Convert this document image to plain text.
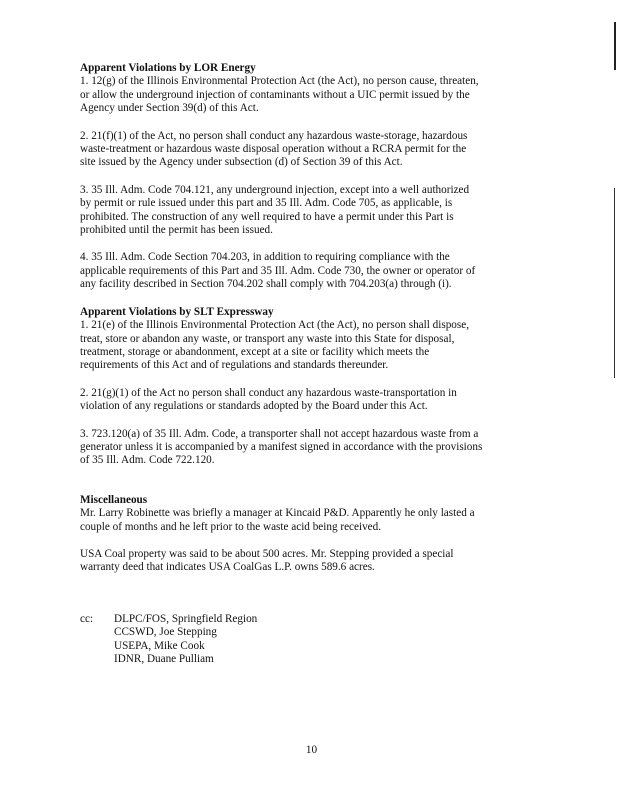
Apparent Violations by LOR Energy

1. 12(g) of the Illinois Environmental Protection Act (the Act), no person cause, threaten,
or allow the underground injection of contaminants without a UIC permit issued by the
Agency under Section 39(d) of this Act.

2. 21(f)(1) of the Act, no person shall conduct any hazardous waste-storage, hazardous
waste-treatment or hazardous waste disposal operation without a RCRA permit for the
site issued by the Agency under subsection (d) of Section 39 of this Act.

3. 35 Ill. Adm. Code 704.121, any underground injection, except into a well authorized
by permit or rule issued under this part and 35 Ill. Adm. Code 705, as applicable, is
prohibited. The construction of any well required to have a permit under this Part is
prohibited until the permit has been issued.

4. 35 Ill. Adm. Code Section 704.203, in addition to requiring compliance with the
applicable requirements of this Part and 35 Ill. Adm. Code 730, the owner or operator of
any facility described in Section 704.202 shall comply with 704.203(a) through (i).

Apparent Violations by SLT Expressway

1. 21(e) of the Illinois Environmental Protection Act (the Act), no person shall dispose,
treat, store or abandon any waste, or transport any waste into this State for disposal,
treatment, storage or abandonment, except at a site or facility which meets the
requirements of this Act and of regulations and standards thereunder.

2. 21(g)(1) of the Act no person shall conduct any hazardous waste-transportation in
violation of any regulations or standards adopted by the Board under this Act.

3. 723.120(a) of 35 Ill. Adm. Code, a transporter shall not accept hazardous waste from a
generator unless it is accompanied by a manifest signed in accordance with the provisions
of 35 Ill. Adm. Code 722.120.

Miscellaneous

Mr. Larry Robinette was briefly a manager at Kincaid P&D. Apparently he only lasted a
couple of months and he left prior to the waste acid being received.

USA Coal property was said to be about 500 acres. Mr. Stepping provided a special
warranty deed that indicates USA CoalGas L.P. owns 589.6 acres.

cc:	DLPC/FOS, Springfield Region
CCSWD, Joe Stepping
USEPA, Mike Cook
IDNR, Duane Pulliam
10
